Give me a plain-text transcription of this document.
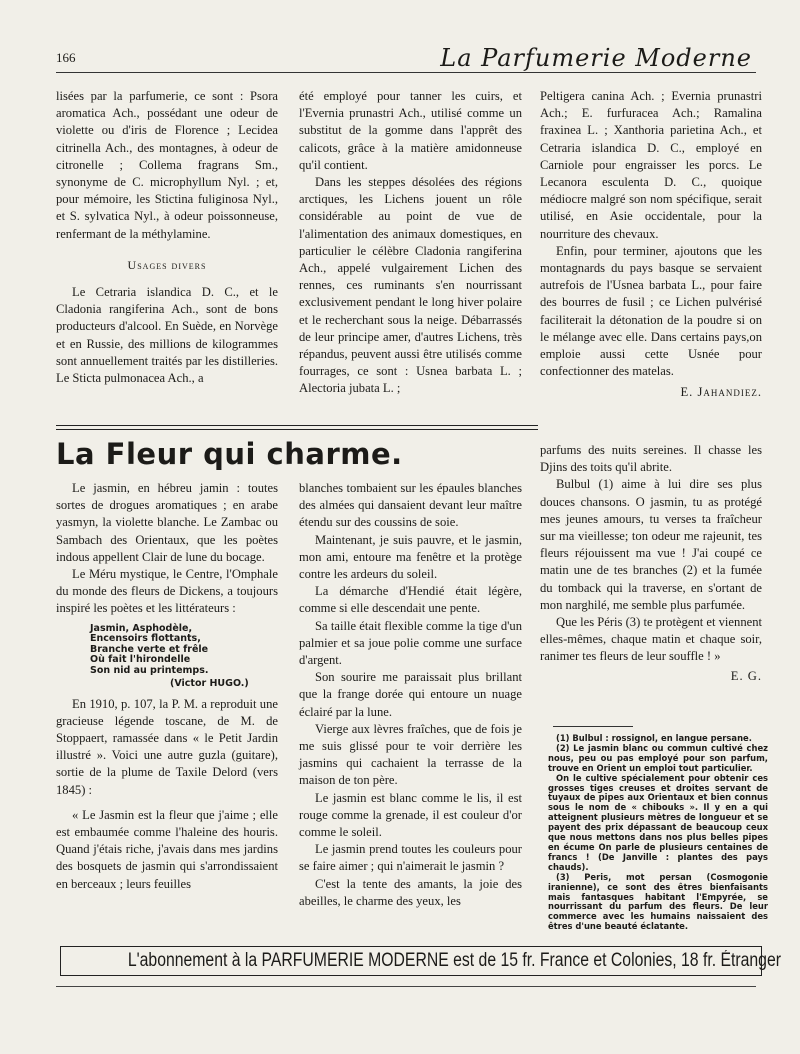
166	La Parfumerie Moderne

lisées par la parfumerie, ce sont : Psora aromatica Ach., possédant une odeur de violette ou d'iris de Florence ; Lecidea citrinella Ach., des montagnes, à odeur de citronelle ; Collema fragrans Sm., synonyme de C. microphyllum Nyl. ; et, pour mémoire, les Stictina fuliginosa Nyl., et S. sylvatica Nyl., à odeur poissonneuse, renfermant de la méthylamine.

Usages divers

Le Cetraria islandica D. C., et le Cladonia rangiferina Ach., sont de bons producteurs d'alcool. En Suède, en Norvège et en Russie, des millions de kilogrammes sont annuellement traités par les distilleries. Le Sticta pulmonacea Ach., a

été employé pour tanner les cuirs, et l'Evernia prunastri Ach., utilisé comme un substitut de la gomme dans l'apprêt des calicots, grâce à la matière amidonneuse qu'il contient.

Dans les steppes désolées des régions arctiques, les Lichens jouent un rôle considérable au point de vue de l'alimentation des animaux domestiques, en particulier le célèbre Cladonia rangiferina Ach., appelé vulgairement Lichen des rennes, ces ruminants s'en nourrissant exclusivement pendant le long hiver polaire et le recherchant sous la neige. Débarrassés de leur principe amer, d'autres Lichens, très répandus, peuvent aussi être utilisés comme fourrages, ce sont : Usnea barbata L. ; Alectoria jubata L. ;

Peltigera canina Ach. ; Evernia prunastri Ach.; E. furfuracea Ach.; Ramalina fraxinea L. ; Xanthoria parietina Ach., et Cetraria islandica D. C., employé en Carniole pour engraisser les porcs. Le Lecanora esculenta D. C., quoique médiocre malgré son nom spécifique, serait utilisé, en Asie occidentale, pour la nourriture des chevaux.

Enfin, pour terminer, ajoutons que les montagnards du pays basque se servaient autrefois de l'Usnea barbata L., pour faire des bourres de fusil ; ce Lichen pulvérisé faciliterait la détonation de la poudre si on le mélange avec elle. Dans certains pays,on emploie aussi cette Usnée pour confectionner des matelas.

E. Jahandiez.

La Fleur qui charme.

Le jasmin, en hébreu jamin : toutes sortes de drogues aromatiques ; en arabe yasmyn, la violette blanche. Le Zambac ou Sambach des Orientaux, que les poètes indous appellent Clair de lune du bocage.

Le Méru mystique, le Centre, l'Omphale du monde des fleurs de Dickens, a toujours inspiré les poètes et les littérateurs :

Jasmin, Asphodèle,
Encensoirs flottants,
Branche verte et frêle
Où fait l'hirondelle
Son nid au printemps.
(Victor HUGO.)

En 1910, p. 107, la P. M. a reproduit une gracieuse légende toscane, de M. de Stoppaert, ramassée dans « le Petit Jardin illustré ». Voici une autre guzla (guitare), sortie de la plume de Taxile Delord (vers 1845) :

« Le Jasmin est la fleur que j'aime ; elle est embaumée comme l'haleine des houris. Quand j'étais riche, j'avais dans mes jardins des bosquets de jasmin qui s'arrondissaient en berceaux ; leurs feuilles

blanches tombaient sur les épaules blanches des almées qui dansaient devant leur maître étendu sur des coussins de soie.

Maintenant, je suis pauvre, et le jasmin, mon ami, entoure ma fenêtre et la protège contre les ardeurs du soleil.

La démarche d'Hendié était légère, comme si elle descendait une pente.

Sa taille était flexible comme la tige d'un palmier et sa joue polie comme une surface d'argent.

Son sourire me paraissait plus brillant que la frange dorée qui entoure un nuage éclairé par la lune.

Vierge aux lèvres fraîches, que de fois je me suis glissé pour te voir derrière les jasmins qui cachaient la terrasse de la maison de ton père.

Le jasmin est blanc comme le lis, il est rouge comme la grenade, il est couleur d'or comme le soleil.

Le jasmin prend toutes les couleurs pour se faire aimer ; qui n'aimerait le jasmin ?

C'est la tente des amants, la joie des abeilles, le charme des yeux, les

parfums des nuits sereines. Il chasse les Djins des toits qu'il abrite.

Bulbul (1) aime à lui dire ses plus douces chansons. O jasmin, tu as protégé mes jeunes amours, tu verses ta fraîcheur sur ma vieillesse; ton odeur me rajeunit, tes fleurs réjouissent ma vue ! J'ai coupé ce matin une de tes branches (2) et la fumée du tomback qui la traverse, en s'ortant de mon narghilé, me semble plus parfumée.

Que les Péris (3) te protègent et viennent elles-mêmes, chaque matin et chaque soir, ranimer tes fleurs de leur souffle ! »

E. G.

(1) Bulbul : rossignol, en langue persane.

(2) Le jasmin blanc ou commun cultivé chez nous, peu ou pas employé pour son parfum, trouve en Orient un emploi tout particulier.

On le cultive spécialement pour obtenir ces grosses tiges creuses et droites servant de tuyaux de pipes aux Orientaux et bien connus sous le nom de « chibouks ». Il y en a qui atteignent plusieurs mètres de longueur et se payent des prix dépassant de beaucoup ceux que nous mettons dans nos plus belles pipes en écume On parle de plusieurs centaines de francs ! (De Janville : plantes des pays chauds).

(3) Peris, mot persan (Cosmogonie iranienne), ce sont des êtres bienfaisants mais fantasques habitant l'Empyrée, se nourrissant du parfum des fleurs. De leur commerce avec les humains naissaient des êtres d'une beauté éclatante.

L'abonnement à la PARFUMERIE MODERNE est de 15 fr. France et Colonies, 18 fr. Étranger
